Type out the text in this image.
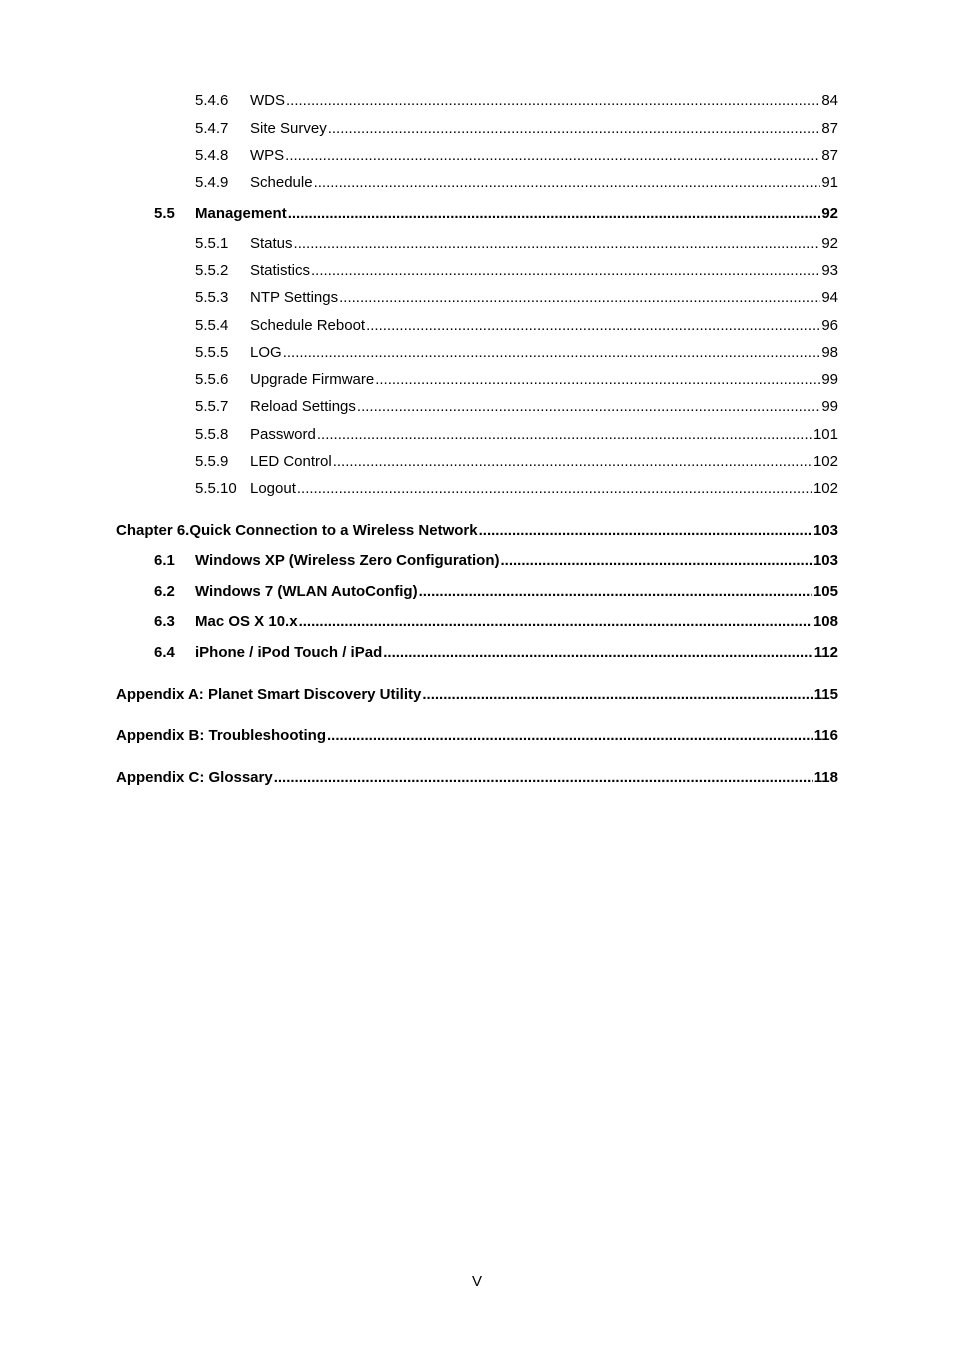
5.4.6 WDS .....	84
5.4.7 Site Survey .....	87
5.4.8 WPS .....	87
5.4.9 Schedule .....	91
5.5 Management .....	92
5.5.1 Status .....	92
5.5.2 Statistics .....	93
5.5.3 NTP Settings .....	94
5.5.4 Schedule Reboot .....	96
5.5.5 LOG .....	98
5.5.6 Upgrade Firmware .....	99
5.5.7 Reload Settings .....	99
5.5.8 Password .....	101
5.5.9 LED Control .....	102
5.5.10 Logout .....	102
Chapter 6.Quick Connection to a Wireless Network .....	103
6.1 Windows XP (Wireless Zero Configuration) .....	103
6.2 Windows 7 (WLAN AutoConfig) .....	105
6.3 Mac OS X 10.x .....	108
6.4 iPhone / iPod Touch / iPad .....	112
Appendix A: Planet Smart Discovery Utility .....	115
Appendix B: Troubleshooting .....	116
Appendix C: Glossary .....	118
V
